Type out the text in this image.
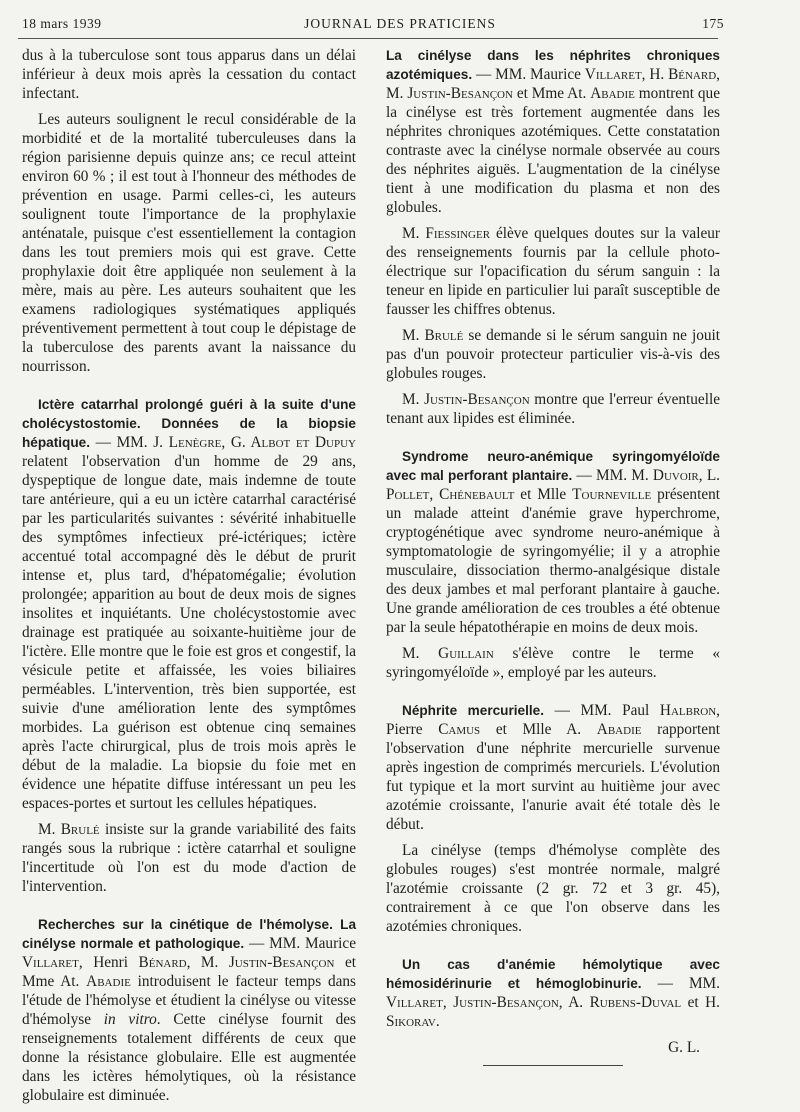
18 mars 1939	JOURNAL DES PRATICIENS	175

dus à la tuberculose sont tous apparus dans un délai inférieur à deux mois après la cessation du contact infectant.

Les auteurs soulignent le recul considérable de la morbidité et de la mortalité tuberculeuses dans la région parisienne depuis quinze ans; ce recul atteint environ 60 % ; il est tout à l'honneur des méthodes de prévention en usage. Parmi celles-ci, les auteurs soulignent toute l'importance de la prophylaxie anténatale, puisque c'est essentiellement la contagion dans les tout premiers mois qui est grave. Cette prophylaxie doit être appliquée non seulement à la mère, mais au père. Les auteurs souhaitent que les examens radiologiques systématiques appliqués préventivement permettent à tout coup le dépistage de la tuberculose des parents avant la naissance du nourrisson.

Ictère catarrhal prolongé guéri à la suite d'une cholécystostomie. Données de la biopsie hépatique. — MM. J. Lenègre, G. Albot et Dupuy relatent l'observation d'un homme de 29 ans, dyspeptique de longue date, mais indemne de toute tare antérieure, qui a eu un ictère catarrhal caractérisé par les particularités suivantes : sévérité inhabituelle des symptômes infectieux pré-ictériques; ictère accentué total accompagné dès le début de prurit intense et, plus tard, d'hépatomégalie; évolution prolongée; apparition au bout de deux mois de signes insolites et inquiétants. Une cholécystostomie avec drainage est pratiquée au soixante-huitième jour de l'ictère. Elle montre que le foie est gros et congestif, la vésicule petite et affaissée, les voies biliaires perméables. L'intervention, très bien supportée, est suivie d'une amélioration lente des symptômes morbides. La guérison est obtenue cinq semaines après l'acte chirurgical, plus de trois mois après le début de la maladie. La biopsie du foie met en évidence une hépatite diffuse intéressant un peu les espaces-portes et surtout les cellules hépatiques.
M. Brulé insiste sur la grande variabilité des faits rangés sous la rubrique : ictère catarrhal et souligne l'incertitude où l'on est du mode d'action de l'intervention.
Recherches sur la cinétique de l'hémolyse. La cinélyse normale et pathologique. — MM. Maurice Villaret, Henri Bénard, M. Justin-Besançon et Mme At. Abadie introduisent le facteur temps dans l'étude de l'hémolyse et étudient la cinélyse ou vitesse d'hémolyse in vitro. Cette cinélyse fournit des renseignements totalement différents de ceux que donne la résistance globulaire. Elle est augmentée dans les ictères hémolytiques, où la résistance globulaire est diminuée.
La cinélyse dans les néphrites chroniques azotémiques. — MM. Maurice Villaret, H. Bénard, M. Justin-Besançon et Mme At. Abadie montrent que la cinélyse est très fortement augmentée dans les néphrites chroniques azotémiques. Cette constatation contraste avec la cinélyse normale observée au cours des néphrites aiguës. L'augmentation de la cinélyse tient à une modification du plasma et non des globules.
M. Fiessinger élève quelques doutes sur la valeur des renseignements fournis par la cellule photo-électrique sur l'opacification du sérum sanguin : la teneur en lipide en particulier lui paraît susceptible de fausser les chiffres obtenus.
M. Brulé se demande si le sérum sanguin ne jouit pas d'un pouvoir protecteur particulier vis-à-vis des globules rouges.
M. Justin-Besançon montre que l'erreur éventuelle tenant aux lipides est éliminée.
Syndrome neuro-anémique syringomyéloïde avec mal perforant plantaire. — MM. M. Duvoir, L. Pollet, Chénebault et Mlle Tourneville présentent un malade atteint d'anémie grave hyperchrome, cryptogénétique avec syndrome neuro-anémique à symptomatologie de syringomyélie; il y a atrophie musculaire, dissociation thermo-analgésique distale des deux jambes et mal perforant plantaire à gauche. Une grande amélioration de ces troubles a été obtenue par la seule hépatothérapie en moins de deux mois.
M. Guillain s'élève contre le terme « syringomyéloïde », employé par les auteurs.
Néphrite mercurielle. — MM. Paul Halbron, Pierre Camus et Mlle A. Abadie rapportent l'observation d'une néphrite mercurielle survenue après ingestion de comprimés mercuriels. L'évolution fut typique et la mort survint au huitième jour avec azotémie croissante, l'anurie avait été totale dès le début.

La cinélyse (temps d'hémolyse complète des globules rouges) s'est montrée normale, malgré l'azotémie croissante (2 gr. 72 et 3 gr. 45), contrairement à ce que l'on observe dans les azotémies chroniques.

Un cas d'anémie hémolytique avec hémosidérinurie et hémoglobinurie. — MM. Villaret, Justin-Besançon, A. Rubens-Duval et H. Sikorav.
G. L.
